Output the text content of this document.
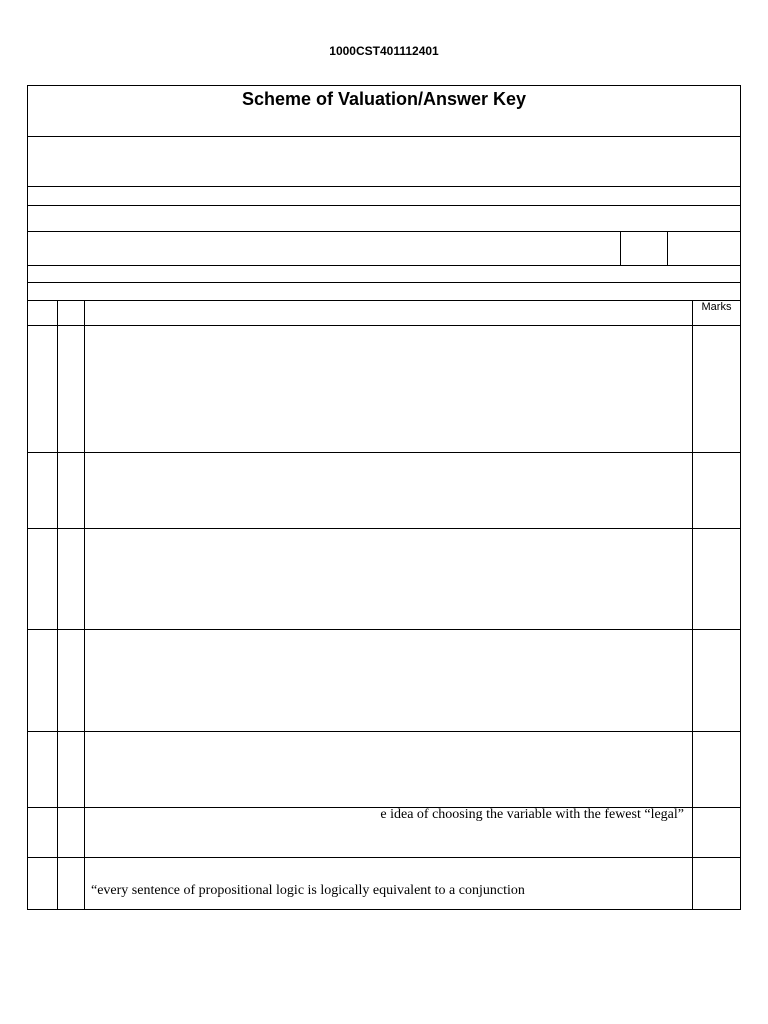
1000CST401112401
Scheme of Valuation/Answer Key
Marks
e idea of choosing the variable with the fewest “legal”
“every sentence of propositional logic is logically equivalent to a conjunction
